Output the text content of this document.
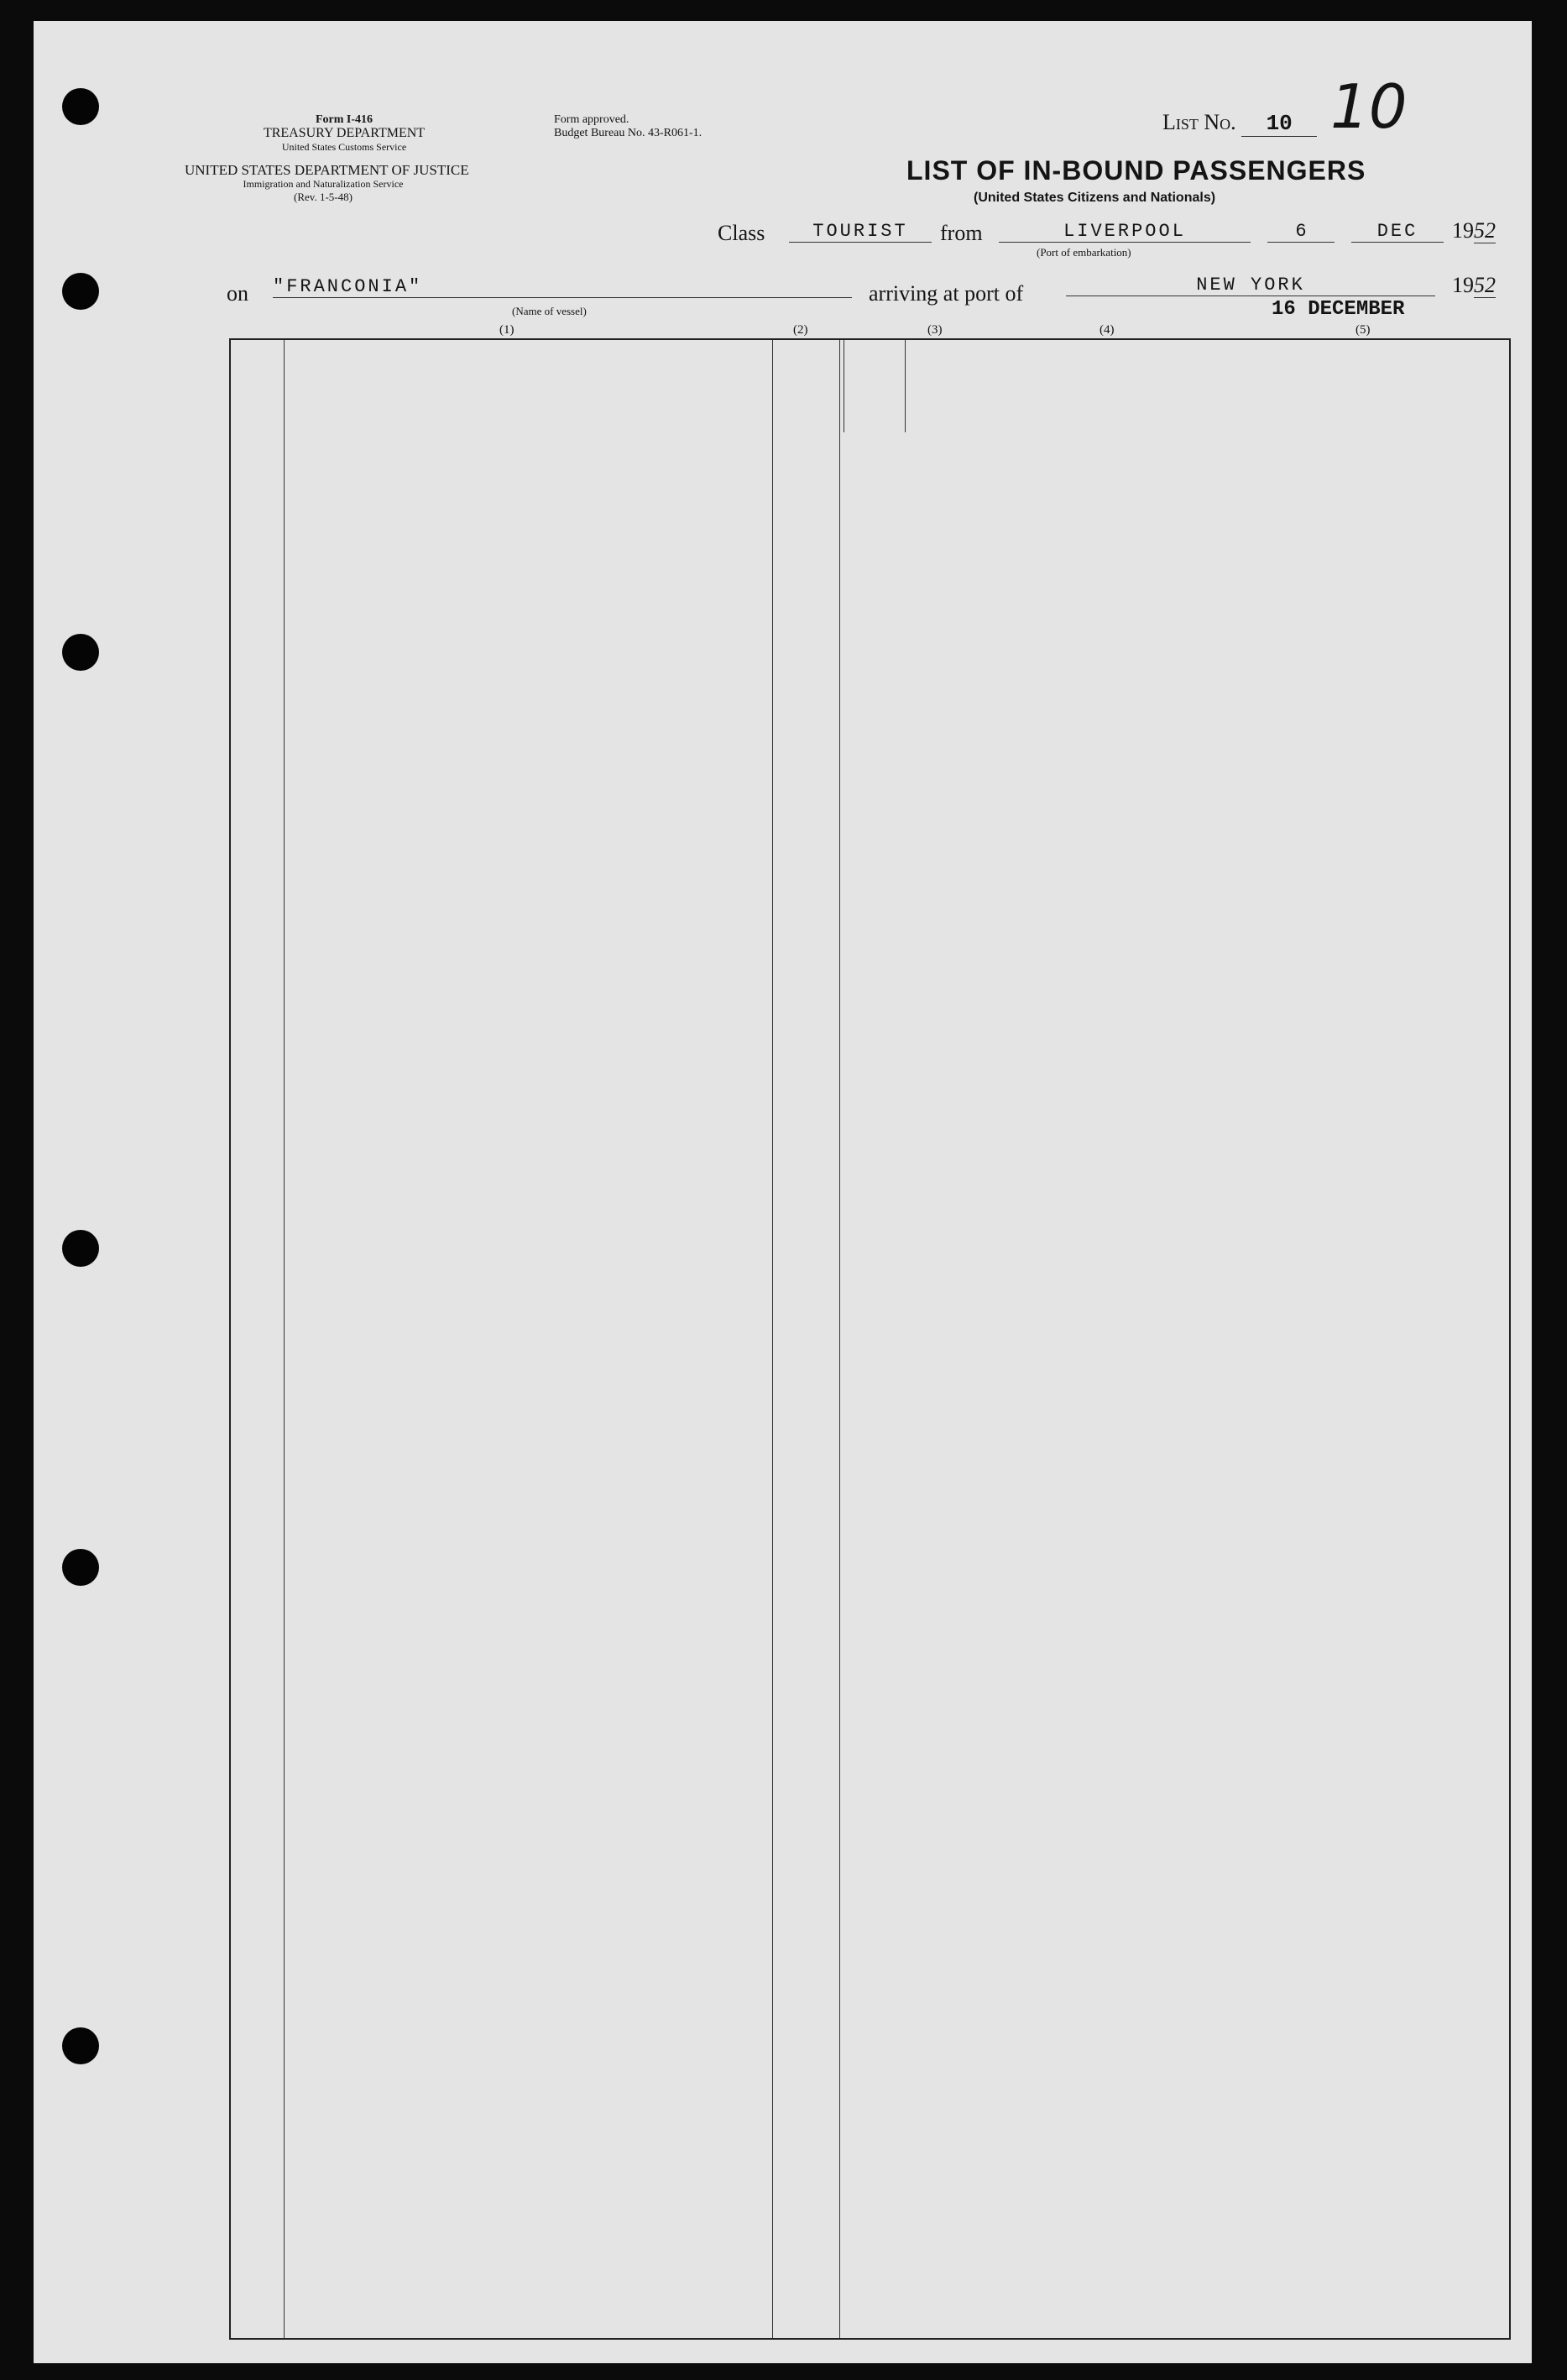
Form I-416
TREASURY DEPARTMENT
United States Customs Service
UNITED STATES DEPARTMENT OF JUSTICE
Immigration and Naturalization Service
(Rev. 1-5-48)
Form approved.
Budget Bureau No. 43-R061-1.	List No. 10 10
LIST OF IN-BOUND PASSENGERS
(United States Citizens and Nationals)
Class	TOURIST	from	LIVERPOOL
(Port of embarkation)
6	DEC	1952
on "FRANCONIA"
(Name of vessel)
arriving at port of	NEW YORK
16 DECEMBER
1952
(1)	(2)	(3)	(4)	(5)
